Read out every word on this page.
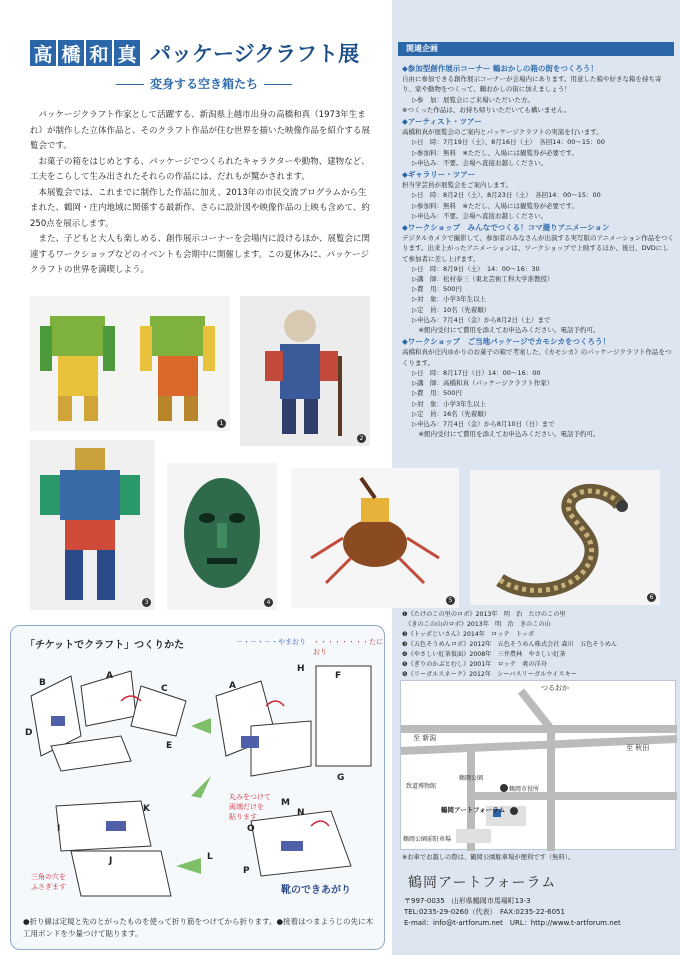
高 橋 和 真 パッケージクラフト展
変身する空き箱たち

パッケージクラフト作家として活躍する、新潟県上越市出身の高橋和真（1973年生まれ）が制作した立体作品と、そのクラフト作品が住む世界を描いた映像作品を紹介する展覧会です。

お菓子の箱をはじめとする、パッケージでつくられたキャラクターや動物、建物など、工夫をこらして生み出されたそれらの作品には、だれもが驚かされます。

本展覧会では、これまでに制作した作品に加え、2013年の市民交流プログラムから生まれた、鶴岡・庄内地域に関係する最新作、さらに設計図や映像作品の上映も含めて、約250点を展示します。

また、子どもと大人も楽しめる、創作展示コーナーを会場内に設けるほか、展覧会に関連するワークショップなどのイベントも会期中に開催します。この夏休みに、パッケージクラフトの世界を満喫しよう。

1
2
3	4	5
「チケットでクラフト」つくりかた	－・－・－・やまおり ・・・・・・・・たにおり
B
A
C
D
E
A
H
F
G
K
I
J	L
M
N
O
P
丸みをつけて
両端だけを
貼ります
三角の穴を
ふさぎます	靴のできあがり
●折り線は定規と先のとがったものを使って折り筋をつけてから折ります。●接着はつまようじの先に木工用ボンドを少量つけて貼ります。
関連企画
◆参加型創作展示コーナー 鶴おかしの箱の街をつくろう！
自由に参加できる創作展示コーナーが会場内にあります。用意した箱や好きな箱を持ち寄り、家や動物をつくって、鶴おかしの街に加えましょう！
▷参　加：展覧会にご来場いただいた方。
※つくった作品は、お持ち帰りいただいても構いません。
◆アーティスト・ツアー
高橋和真が展覧会のご案内とパッケージクラフトの実演を行います。
▷日　時：7月19日（土）、8月16日（土）　各回14：00～15：00
▷参加料：無料　※ただし、入場には観覧券が必要です。
▷申込み：不要。会場へ直接お越しください。
◆ギャラリー・ツアー
担当学芸員が展覧会をご案内します。
▷日　時：8月2日（土）、8月23日（土）　各回14：00～15：00
▷参加料：無料　※ただし、入場には観覧券が必要です。
▷申込み：不要。会場へ直接お越しください。
◆ワークショップ　みんなでつくる！コマ撮りアニメーション
デジタルカメラで撮影して、参加者のみなさんが出演する実写版のアニメーション作品をつくります。出来上がったアニメーションは、ワークショップで上映するほか、後日、DVDにして参加者に差し上げます。
▷日　時：8月9日（土）　14：00～16：30
▷講　師：松村泰三（東北芸術工科大学准教授）
▷費　用：500円
▷対　象：小学3年生以上
▷定　員：10名（先着順）
▷申込み：7月4日（金）から8月2日（土）まで
　※館内受付にて費用を添えてお申込みください。電話予約可。
◆ワークショップ　ご当地パッケージでカモシカをつくろう！
高橋和真が庄内ゆかりのお菓子の箱で考案した、《カモシカ》のパッケージクラフト作品をつくります。
▷日　時：8月17日（日）14：00～16：00
▷講　師：高橋和真（パッケージクラフト作家）
▷費　用：500円
▷対　象：小学3年生以上
▷定　員：16名（先着順）
▷申込み：7月4日（金）から8月10日（日）まで
　※館内受付にて費用を添えてお申込みください。電話予約可。
6
❶《たけのこの里のロボ》2013年　明　治　たけのこの里
　《きのこの山のロボ》2013年　明　治　きのこの山
❷《トッポじいさん》2014年　ロッテ　トッポ
❸《五色そうめんロボ》2012年　五色そうめん株式会社 森川　五色そうめん
❹《やさしい紅茶仮面》2008年　三井農林　やさしい紅茶
❺《ぎりのかぶとむし》2001年　ロッテ　爽の洋舟
❻《リーガルスネーク》2012年　シーバスリーガルウイスキー
つるおか
至 新潟
至 秋田
致道博物館
鶴岡公園
鶴岡市役所
鶴岡アートフォーラム
鶴岡公園前駐車場
※お車でお越しの際は、鶴岡公園駐車場が便利です（無料）。
鶴岡アートフォーラム
〒997-0035　山形県鶴岡市馬場町13-3
TEL:0235-29-0260（代表）　FAX:0235-22-6051
E-mail：info@t-artforum.net　URL：http://www.t-artforum.net
